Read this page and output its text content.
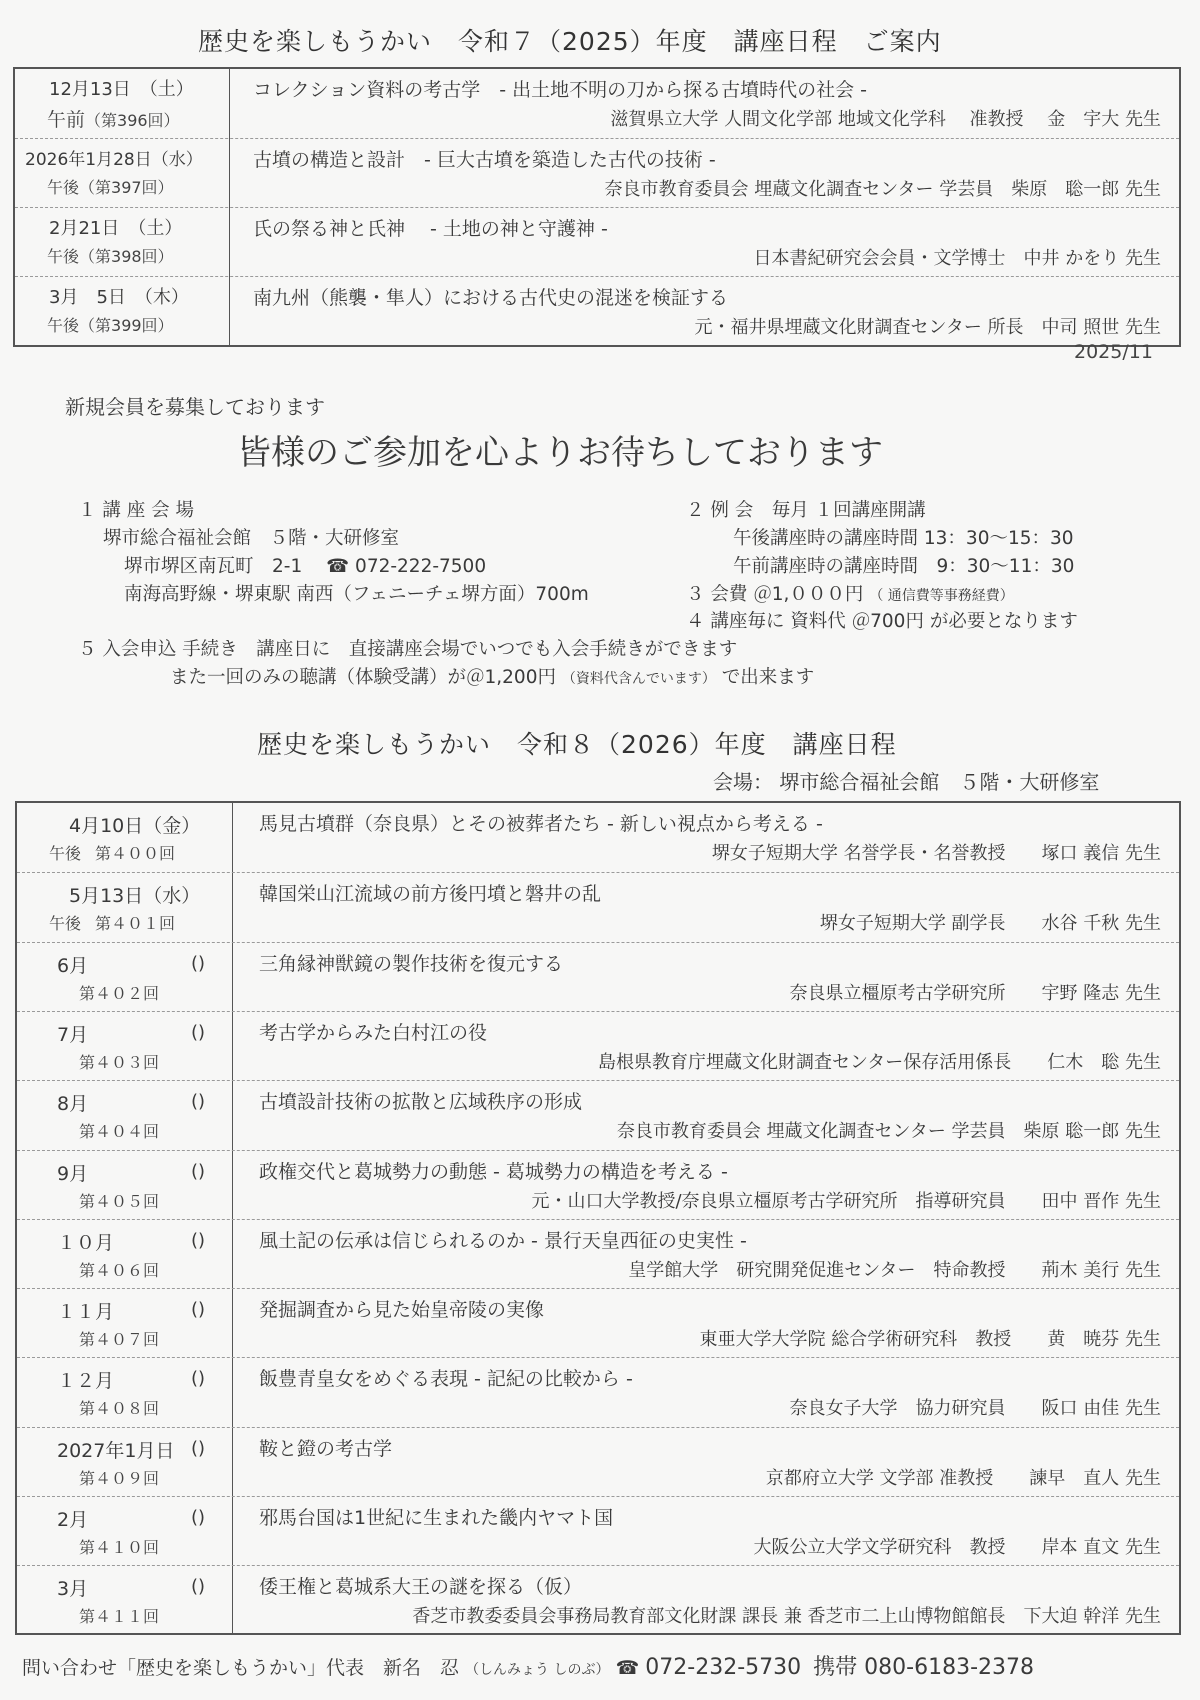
歴史を楽しもうかい　令和７（2025）年度　講座日程　ご案内
12月13日　（土）
午前（第396回）
コレクション資料の考古学　- 出土地不明の刀から探る古墳時代の社会 -
滋賀県立大学 人間文化学部 地域文化学科　 准教授　 金　宇大 先生
2026年1月28日（水）
午後（第397回）
古墳の構造と設計　- 巨大古墳を築造した古代の技術 -
奈良市教育委員会 埋蔵文化調査センター 学芸員　柴原　聡一郎 先生
2月21日　（土）
午後（第398回）
氏の祭る神と氏神　 - 土地の神と守護神 -
日本書紀研究会会員・文学博士　中井 かをり 先生
3月　5日　（木）
午後（第399回）
南九州（熊襲・隼人）における古代史の混迷を検証する
元・福井県埋蔵文化財調査センター 所長　中司 照世 先生
2025/11
新規会員を募集しております
皆様のご参加を心よりお待ちしております
１ 講 座 会 場
堺市総合福祉会館　５階・大研修室
堺市堺区南瓦町　2-1 ☎ 072-222-7500
南海高野線・堺東駅 南西（フェニーチェ堺方面）700m
２ 例 会　毎月 １回講座開講
午後講座時の講座時間 13：30〜15：30
午前講座時の講座時間　9：30〜11：30
３ 会費 ＠1,０００円 （ 通信費等事務経費）
４ 講座毎に 資料代 ＠700円 が必要となります
５ 入会申込 手続き　講座日に　直接講座会場でいつでも入会手続きができます
また一回のみの聴講（体験受講）が＠1,200円 （資料代含んでいます） で出来ます
歴史を楽しもうかい　令和８（2026）年度　講座日程
会場： 堺市総合福祉会館　５階・大研修室
4月10日（金）
午後 第４００回
馬見古墳群（奈良県）とその被葬者たち - 新しい視点から考える -
堺女子短期大学 名誉学長・名誉教授　　塚口 義信 先生
5月13日（水）
午後 第４０１回
韓国栄山江流域の前方後円墳と磐井の乱
堺女子短期大学 副学長　　水谷 千秋 先生
6月	()
第４０２回
三角縁神獣鏡の製作技術を復元する
奈良県立橿原考古学研究所　　宇野 隆志 先生
7月	()
第４０３回
考古学からみた白村江の役
島根県教育庁埋蔵文化財調査センター保存活用係長　　仁木　聡 先生
8月	()
第４０４回
古墳設計技術の拡散と広域秩序の形成
奈良市教育委員会 埋蔵文化調査センター 学芸員　柴原 聡一郎 先生
9月	()
第４０５回
政権交代と葛城勢力の動態 - 葛城勢力の構造を考える -
元・山口大学教授/奈良県立橿原考古学研究所　指導研究員　　田中 晋作 先生
１０月	()
第４０６回
風土記の伝承は信じられるのか - 景行天皇西征の史実性 -
皇学館大学　研究開発促進センター　特命教授　　荊木 美行 先生
１１月	()
第４０７回
発掘調査から見た始皇帝陵の実像
東亜大学大学院 総合学術研究科　教授　　黄　暁芬 先生
１２月	()
第４０８回
飯豊青皇女をめぐる表現 - 記紀の比較から -
奈良女子大学　協力研究員　　阪口 由佳 先生
2027年1月日 ()
第４０９回
鞍と鐙の考古学
京都府立大学 文学部 准教授　　諫早　直人 先生
2月	()
第４１０回
邪馬台国は1世紀に生まれた畿内ヤマト国
大阪公立大学文学研究科　教授　　岸本 直文 先生
3月	()
第４１１回
倭王権と葛城系大王の謎を探る（仮）
香芝市教委委員会事務局教育部文化財課 課長 兼 香芝市二上山博物館館長　下大迫 幹洋 先生
問い合わせ「歴史を楽しもうかい」代表　新名　忍 （しんみょう しのぶ） ☎ 072-232-5730 携帯 080-6183-2378
